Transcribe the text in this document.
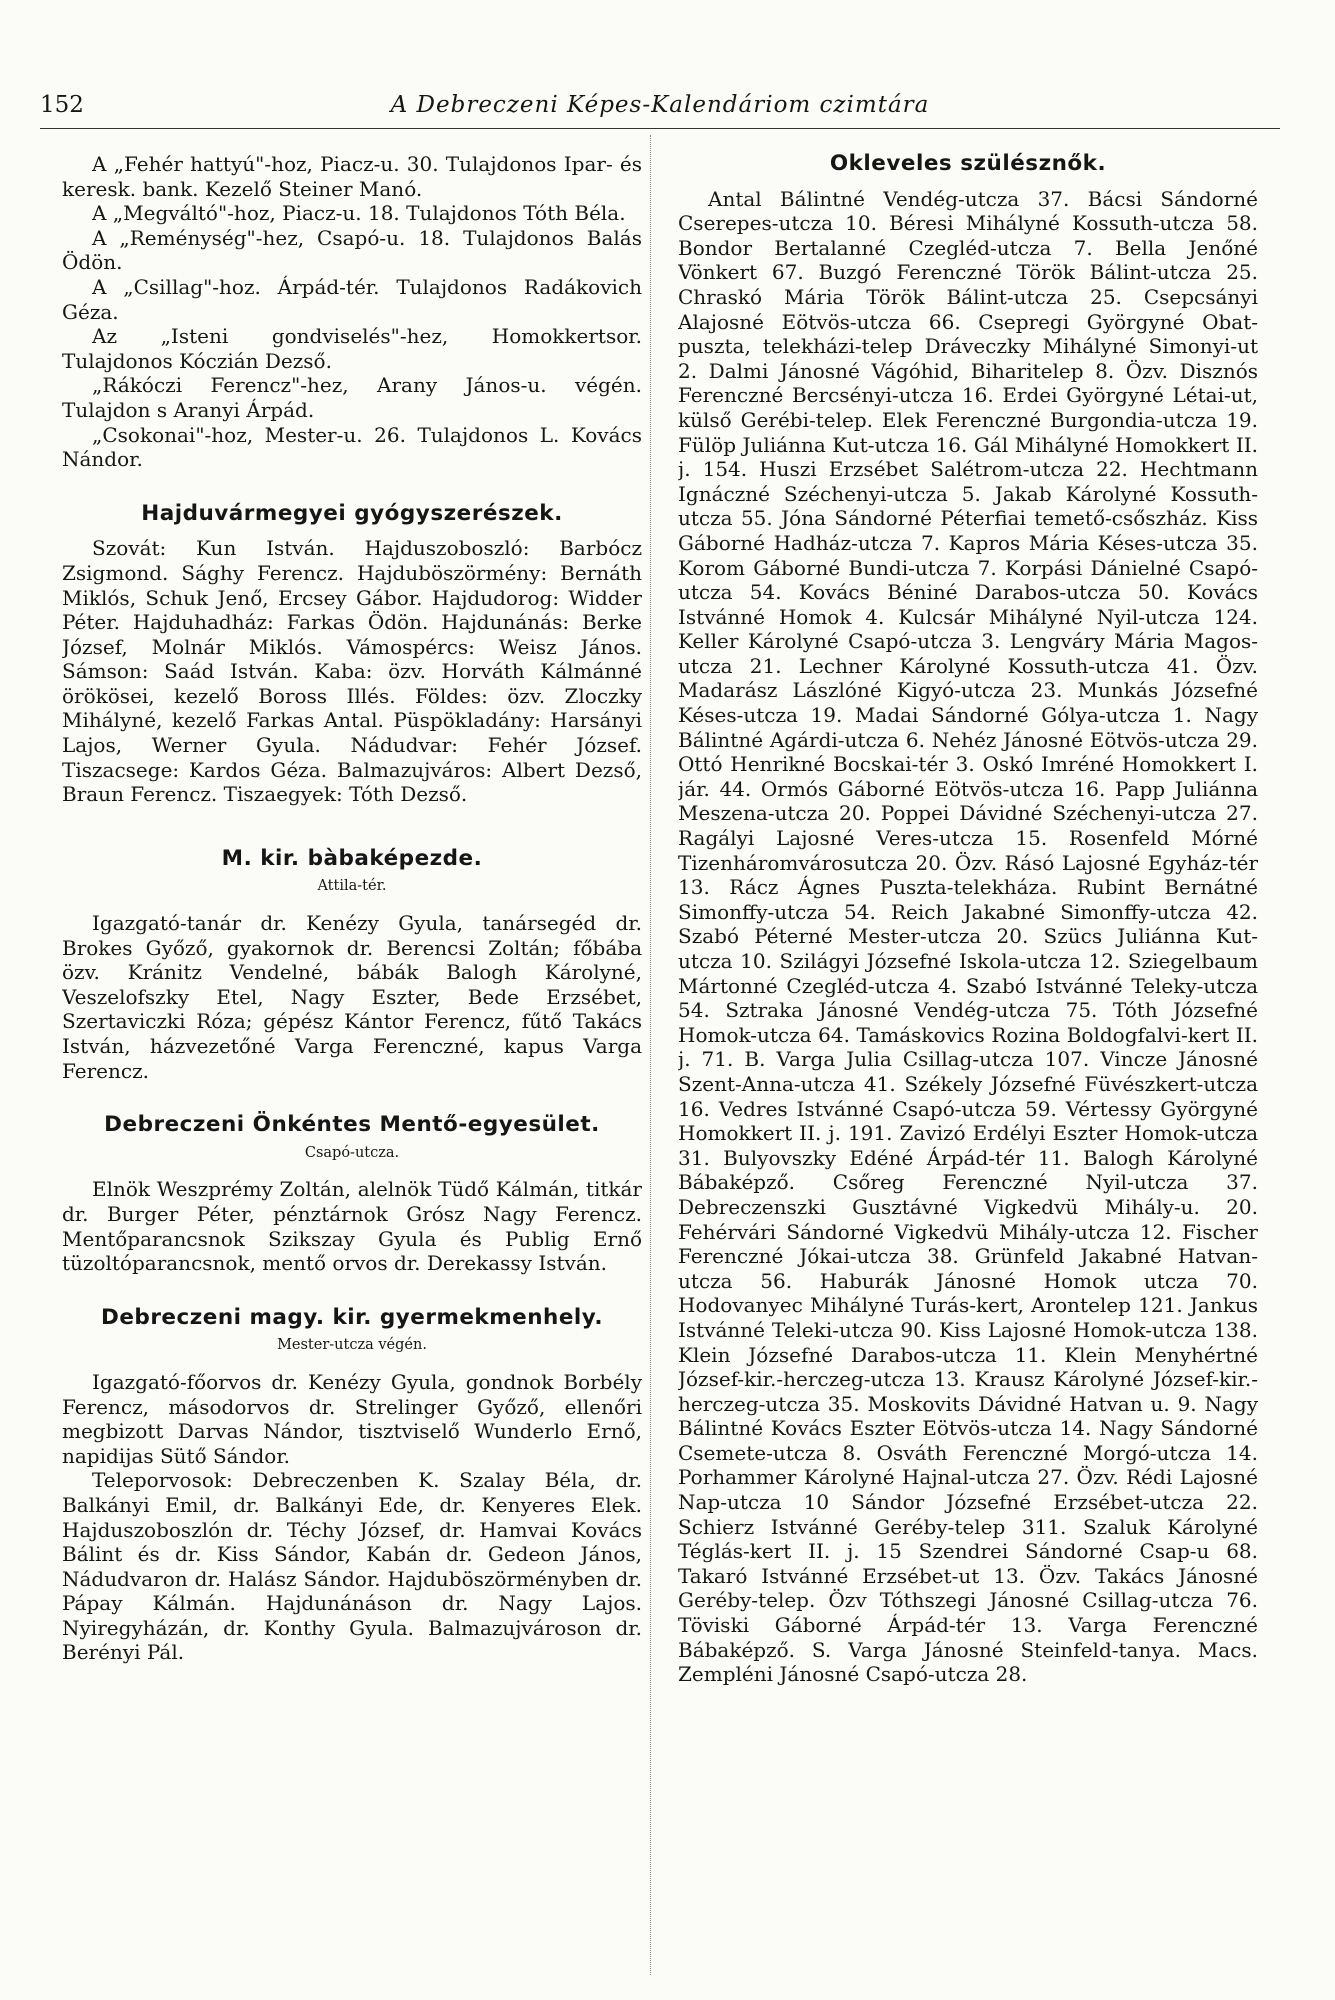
152	A Debreczeni Képes-Kalendáriom czimtára

A „Fehér hattyú"-hoz, Piacz-u. 30. Tulajdonos Ipar- és keresk. bank. Kezelő Steiner Manó.

A „Megváltó"-hoz, Piacz-u. 18. Tulajdonos Tóth Béla.

A „Reménység"-hez, Csapó-u. 18. Tulajdonos Balás Ödön.

A „Csillag"-hoz. Árpád-tér. Tulajdonos Radákovich Géza.

Az „Isteni gondviselés"-hez, Homokkertsor. Tulajdonos Kóczián Dezső.

„Rákóczi Ferencz"-hez, Arany János-u. végén. Tulajdon s Aranyi Árpád.

„Csokonai"-hoz, Mester-u. 26. Tulajdonos L. Kovács Nándor.

Hajduvármegyei gyógyszerészek.

Szovát: Kun István. Hajduszoboszló: Barbócz Zsigmond. Sághy Ferencz. Hajduböszörmény: Bernáth Miklós, Schuk Jenő, Ercsey Gábor. Hajdudorog: Widder Péter. Hajduhadház: Farkas Ödön. Hajdunánás: Berke József, Molnár Miklós. Vámospércs: Weisz János. Sámson: Saád István. Kaba: özv. Horváth Kálmánné örökösei, kezelő Boross Illés. Földes: özv. Zloczky Mihályné, kezelő Farkas Antal. Püspökladány: Harsányi Lajos, Werner Gyula. Nádudvar: Fehér József. Tiszacsege: Kardos Géza. Balmazujváros: Albert Dezső, Braun Ferencz. Tiszaegyek: Tóth Dezső.

M. kir. bàbaképezde.

Attila-tér.

Igazgató-tanár dr. Kenézy Gyula, tanársegéd dr. Brokes Győző, gyakornok dr. Berencsi Zoltán; főbába özv. Kránitz Vendelné, bábák Balogh Károlyné, Veszelofszky Etel, Nagy Eszter, Bede Erzsébet, Szertaviczki Róza; gépész Kántor Ferencz, fűtő Takács István, házvezetőné Varga Ferenczné, kapus Varga Ferencz.

Debreczeni Önkéntes Mentő-egyesület.

Csapó-utcza.

Elnök Weszprémy Zoltán, alelnök Tüdő Kálmán, titkár dr. Burger Péter, pénztárnok Grósz Nagy Ferencz. Mentőparancsnok Szikszay Gyula és Publig Ernő tüzoltóparancsnok, mentő orvos dr. Derekassy István.

Debreczeni magy. kir. gyermekmenhely.

Mester-utcza végén.

Igazgató-főorvos dr. Kenézy Gyula, gondnok Borbély Ferencz, másodorvos dr. Strelinger Győző, ellenőri megbizott Darvas Nándor, tisztviselő Wunderlo Ernő, napidijas Sütő Sándor.

Teleporvosok: Debreczenben K. Szalay Béla, dr. Balkányi Emil, dr. Balkányi Ede, dr. Kenyeres Elek. Hajduszoboszlón dr. Téchy József, dr. Hamvai Kovács Bálint és dr. Kiss Sándor, Kabán dr. Gedeon János, Nádudvaron dr. Halász Sándor. Hajduböszörményben dr. Pápay Kálmán. Hajdunánáson dr. Nagy Lajos. Nyiregyházán, dr. Konthy Gyula. Balmazujvároson dr. Berényi Pál.

Okleveles szülésznők.

Antal Bálintné Vendég-utcza 37. Bácsi Sándorné Cserepes-utcza 10. Béresi Mihályné Kossuth-utcza 58. Bondor Bertalanné Czegléd-utcza 7. Bella Jenőné Vönkert 67. Buzgó Ferenczné Török Bálint-utcza 25. Chraskó Mária Török Bálint-utcza 25. Csepcsányi Alajosné Eötvös-utcza 66. Csepregi Györgyné Obat-puszta, telekházi-telep Dráveczky Mihályné Simonyi-ut 2. Dalmi Jánosné Vágóhid, Biharitelep 8. Özv. Disznós Ferenczné Bercsényi-utcza 16. Erdei Györgyné Létai-ut, külső Gerébi-telep. Elek Ferenczné Burgondia-utcza 19. Fülöp Juliánna Kut-utcza 16. Gál Mihályné Homokkert II. j. 154. Huszi Erzsébet Salétrom-utcza 22. Hechtmann Ignáczné Széchenyi-utcza 5. Jakab Károlyné Kossuth-utcza 55. Jóna Sándorné Péterfiai temető-csőszház. Kiss Gáborné Hadház-utcza 7. Kapros Mária Késes-utcza 35. Korom Gáborné Bundi-utcza 7. Korpási Dánielné Csapó-utcza 54. Kovács Béniné Darabos-utcza 50. Kovács Istvánné Homok 4. Kulcsár Mihályné Nyil-utcza 124. Keller Károlyné Csapó-utcza 3. Lengváry Mária Magos-utcza 21. Lechner Károlyné Kossuth-utcza 41. Özv. Madarász Lászlóné Kigyó-utcza 23. Munkás Józsefné Késes-utcza 19. Madai Sándorné Gólya-utcza 1. Nagy Bálintné Agárdi-utcza 6. Nehéz Jánosné Eötvös-utcza 29. Ottó Henrikné Bocskai-tér 3. Oskó Imréné Homokkert I. jár. 44. Ormós Gáborné Eötvös-utcza 16. Papp Juliánna Meszena-utcza 20. Poppei Dávidné Széchenyi-utcza 27. Ragályi Lajosné Veres-utcza 15. Rosenfeld Mórné Tizenháromvárosutcza 20. Özv. Rásó Lajosné Egyház-tér 13. Rácz Ágnes Puszta-telekháza. Rubint Bernátné Simonffy-utcza 54. Reich Jakabné Simonffy-utcza 42. Szabó Péterné Mester-utcza 20. Szücs Juliánna Kut-utcza 10. Szilágyi Józsefné Iskola-utcza 12. Sziegelbaum Mártonné Czegléd-utcza 4. Szabó Istvánné Teleky-utcza 54. Sztraka Jánosné Vendég-utcza 75. Tóth Józsefné Homok-utcza 64. Tamáskovics Rozina Boldogfalvi-kert II. j. 71. B. Varga Julia Csillag-utcza 107. Vincze Jánosné Szent-Anna-utcza 41. Székely Józsefné Füvészkert-utcza 16. Vedres Istvánné Csapó-utcza 59. Vértessy Györgyné Homokkert II. j. 191. Zavizó Erdélyi Eszter Homok-utcza 31. Bulyovszky Edéné Árpád-tér 11. Balogh Károlyné Bábaképző. Csőreg Ferenczné Nyil-utcza 37. Debreczenszki Gusztávné Vigkedvü Mihály-u. 20. Fehérvári Sándorné Vigkedvü Mihály-utcza 12. Fischer Ferenczné Jókai-utcza 38. Grünfeld Jakabné Hatvan-utcza 56. Haburák Jánosné Homok utcza 70. Hodovanyec Mihályné Turás-kert, Arontelep 121. Jankus Istvánné Teleki-utcza 90. Kiss Lajosné Homok-utcza 138. Klein Józsefné Darabos-utcza 11. Klein Menyhértné József-kir.-herczeg-utcza 13. Krausz Károlyné József-kir.-herczeg-utcza 35. Moskovits Dávidné Hatvan u. 9. Nagy Bálintné Kovács Eszter Eötvös-utcza 14. Nagy Sándorné Csemete-utcza 8. Osváth Ferenczné Morgó-utcza 14. Porhammer Károlyné Hajnal-utcza 27. Özv. Rédi Lajosné Nap-utcza 10 Sándor Józsefné Erzsébet-utcza 22. Schierz Istvánné Geréby-telep 311. Szaluk Károlyné Téglás-kert II. j. 15 Szendrei Sándorné Csap-u 68. Takaró Istvánné Erzsébet-ut 13. Özv. Takács Jánosné Geréby-telep. Özv Tóthszegi Jánosné Csillag-utcza 76. Töviski Gáborné Árpád-tér 13. Varga Ferenczné Bábaképző. S. Varga Jánosné Steinfeld-tanya. Macs. Zempléni Jánosné Csapó-utcza 28.
